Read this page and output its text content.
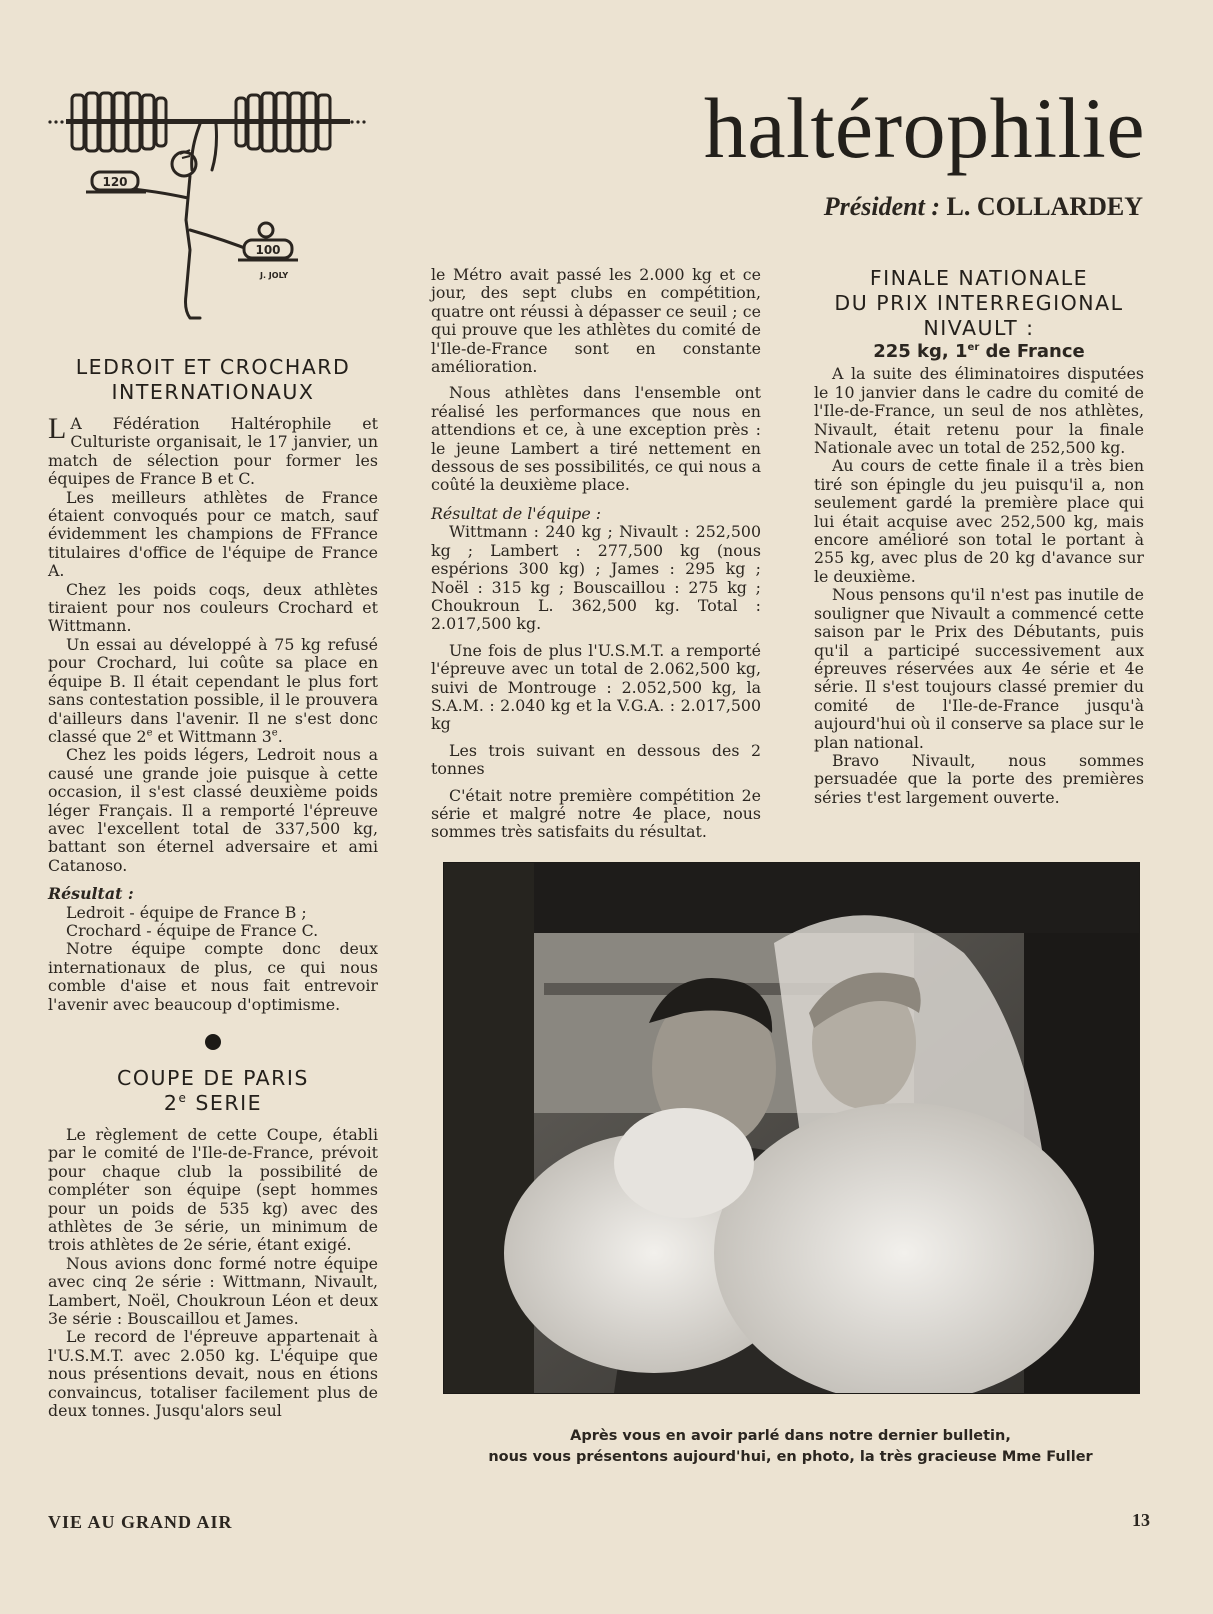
120
100
J. JOLY
haltérophilie
Président : L. COLLARDEY
LEDROIT ET CROCHARD
INTERNATIONAUX

L A Fédération Haltérophile et Culturiste organisait, le 17 janvier, un match de sélection pour former les équipes de France B et C.

Les meilleurs athlètes de France étaient convoqués pour ce match, sauf évidemment les champions de FFrance titulaires d'office de l'équipe de France A.

Chez les poids coqs, deux athlètes tiraient pour nos couleurs Crochard et Wittmann.

Un essai au développé à 75 kg refusé pour Crochard, lui coûte sa place en équipe B. Il était cependant le plus fort sans contestation possible, il le prouvera d'ailleurs dans l'avenir. Il ne s'est donc classé que 2e et Wittmann 3e.

Chez les poids légers, Ledroit nous a causé une grande joie puisque à cette occasion, il s'est classé deuxième poids léger Français. Il a remporté l'épreuve avec l'excellent total de 337,500 kg, battant son éternel adversaire et ami Catanoso.

Résultat :

Ledroit - équipe de France B ;

Crochard - équipe de France C.

Notre équipe compte donc deux internationaux de plus, ce qui nous comble d'aise et nous fait entrevoir l'avenir avec beaucoup d'optimisme.

COUPE DE PARIS
2e SERIE

Le règlement de cette Coupe, établi par le comité de l'Ile-de-France, prévoit pour chaque club la possibilité de compléter son équipe (sept hommes pour un poids de 535 kg) avec des athlètes de 3e série, un minimum de trois athlètes de 2e série, étant exigé.

Nous avions donc formé notre équipe avec cinq 2e série : Wittmann, Nivault, Lambert, Noël, Choukroun Léon et deux 3e série : Bouscaillou et James.

Le record de l'épreuve appartenait à l'U.S.M.T. avec 2.050 kg. L'équipe que nous présentions devait, nous en étions convaincus, totaliser facilement plus de deux tonnes. Jusqu'alors seul

le Métro avait passé les 2.000 kg et ce jour, des sept clubs en compétition, quatre ont réussi à dépasser ce seuil ; ce qui prouve que les athlètes du comité de l'Ile-de-France sont en constante amélioration.

Nous athlètes dans l'ensemble ont réalisé les performances que nous en attendions et ce, à une exception près : le jeune Lambert a tiré nettement en dessous de ses possibilités, ce qui nous a coûté la deuxième place.

Résultat de l'équipe :

Wittmann : 240 kg ; Nivault : 252,500 kg ; Lambert : 277,500 kg (nous espérions 300 kg) ; James : 295 kg ; Noël : 315 kg ; Bouscaillou : 275 kg ; Choukroun L. 362,500 kg. Total : 2.017,500 kg.

Une fois de plus l'U.S.M.T. a remporté l'épreuve avec un total de 2.062,500 kg, suivi de Montrouge : 2.052,500 kg, la S.A.M. : 2.040 kg et la V.G.A. : 2.017,500 kg

Les trois suivant en dessous des 2 tonnes

C'était notre première compétition 2e série et malgré notre 4e place, nous sommes très satisfaits du résultat.

FINALE NATIONALE
DU PRIX INTERREGIONAL
NIVAULT :
225 kg, 1er de France

A la suite des éliminatoires disputées le 10 janvier dans le cadre du comité de l'Ile-de-France, un seul de nos athlètes, Nivault, était retenu pour la finale Nationale avec un total de 252,500 kg.

Au cours de cette finale il a très bien tiré son épingle du jeu puisqu'il a, non seulement gardé la première place qui lui était acquise avec 252,500 kg, mais encore amélioré son total le portant à 255 kg, avec plus de 20 kg d'avance sur le deuxième.

Nous pensons qu'il n'est pas inutile de souligner que Nivault a commencé cette saison par le Prix des Débutants, puis qu'il a participé successivement aux épreuves réservées aux 4e série et 4e série. Il s'est toujours classé premier du comité de l'Ile-de-France jusqu'à aujourd'hui où il conserve sa place sur le plan national.

Bravo Nivault, nous sommes persuadée que la porte des premières séries t'est largement ouverte.

Après vous en avoir parlé dans notre dernier bulletin,
nous vous présentons aujourd'hui, en photo, la très gracieuse Mme Fuller
VIE AU GRAND AIR	13
